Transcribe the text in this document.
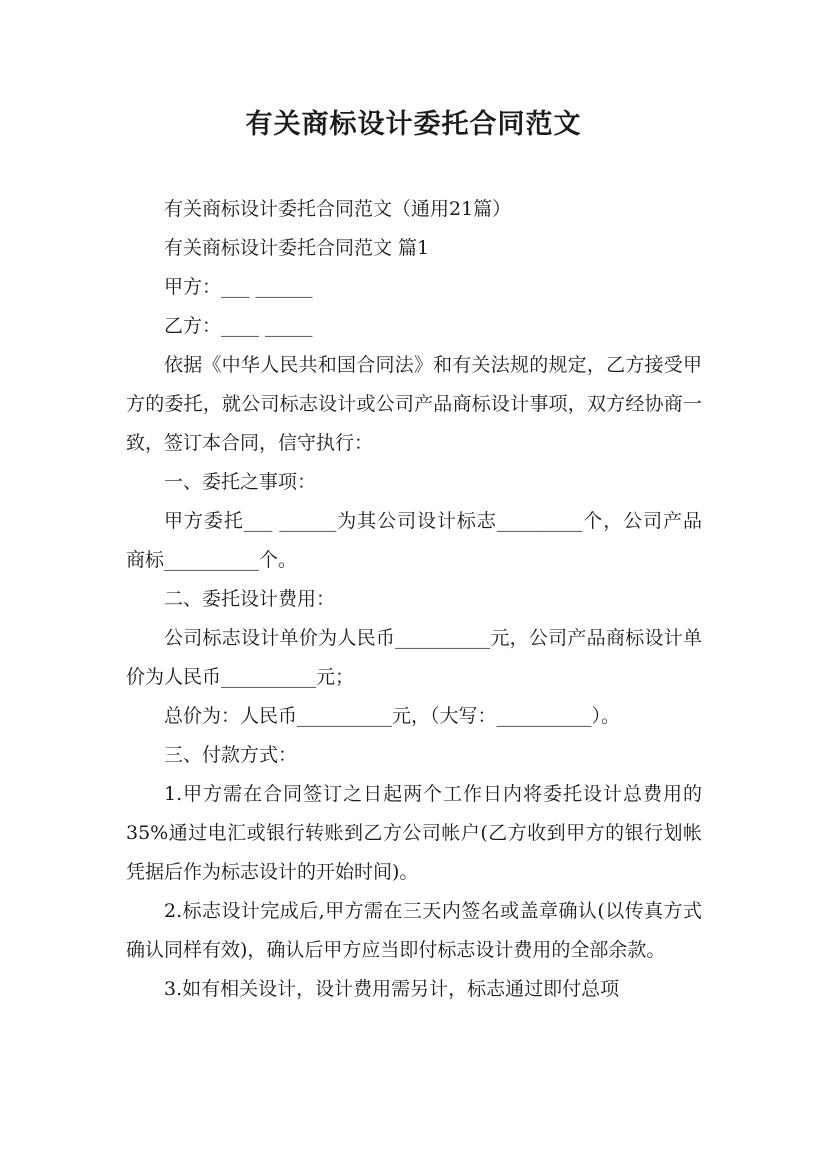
有关商标设计委托合同范文

有关商标设计委托合同范文（通用21篇）

有关商标设计委托合同范文 篇1

甲方：___ ______

乙方：____ _____

依据《中华人民共和国合同法》和有关法规的规定，乙方接受甲方的委托，就公司标志设计或公司产品商标设计事项，双方经协商一致，签订本合同，信守执行：

一、委托之事项：

甲方委托___ ______为其公司设计标志_________个，公司产品商标__________个。

二、委托设计费用：

公司标志设计单价为人民币__________元，公司产品商标设计单价为人民币__________元；

总价为：人民币__________元，（大写：__________）。

三、付款方式：

1.甲方需在合同签订之日起两个工作日内将委托设计总费用的35%通过电汇或银行转账到乙方公司帐户(乙方收到甲方的银行划帐凭据后作为标志设计的开始时间)。

2.标志设计完成后,甲方需在三天内签名或盖章确认(以传真方式确认同样有效)，确认后甲方应当即付标志设计费用的全部余款。

3.如有相关设计，设计费用需另计，标志通过即付总项
